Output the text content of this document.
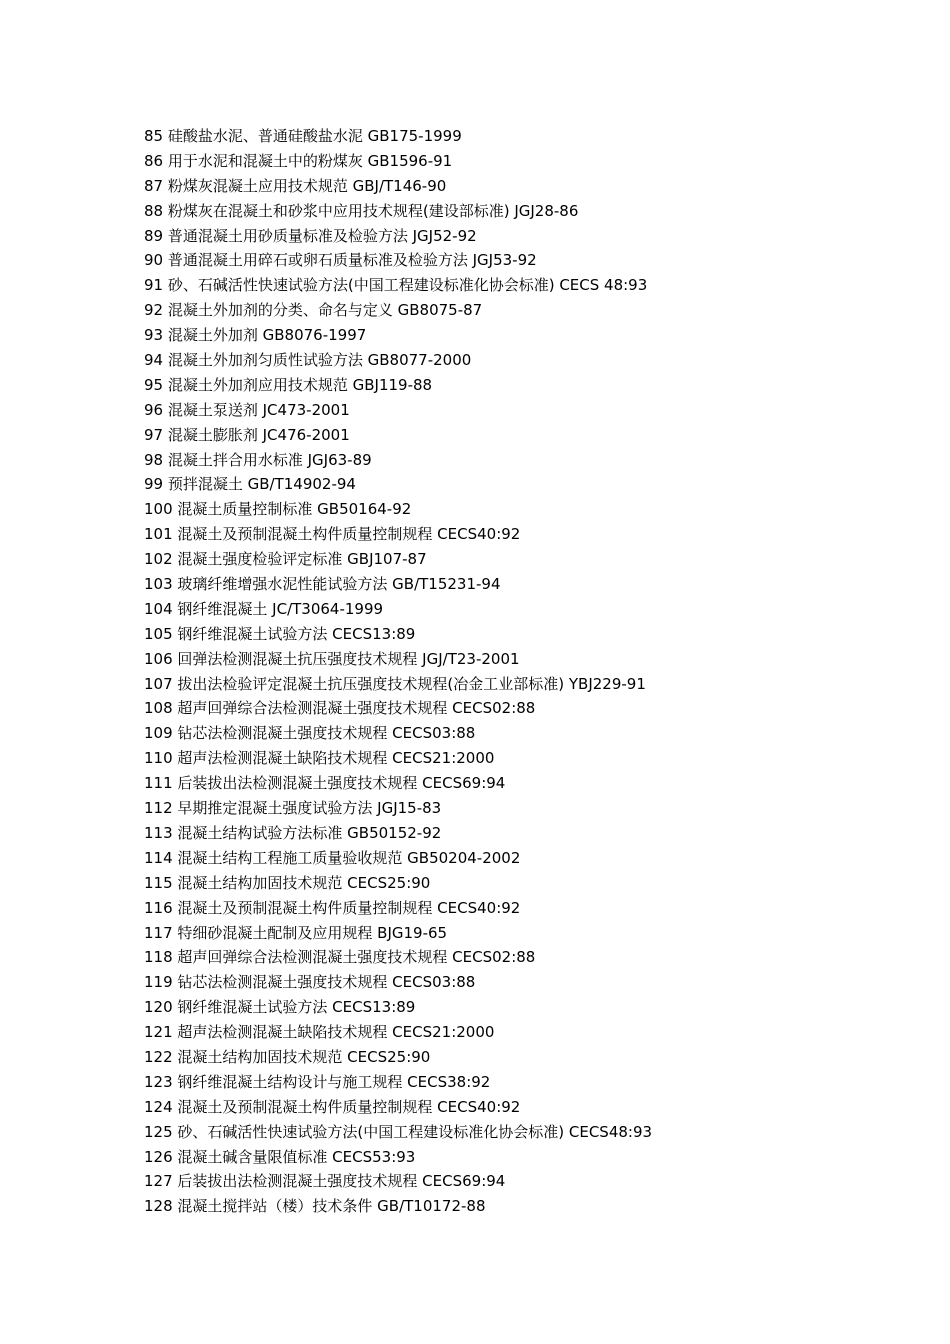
85 硅酸盐水泥、普通硅酸盐水泥 GB175-1999
86 用于水泥和混凝土中的粉煤灰 GB1596-91
87 粉煤灰混凝土应用技术规范 GBJ/T146-90
88 粉煤灰在混凝土和砂浆中应用技术规程(建设部标准) JGJ28-86
89 普通混凝土用砂质量标准及检验方法 JGJ52-92
90 普通混凝土用碎石或卵石质量标准及检验方法 JGJ53-92
91 砂、石碱活性快速试验方法(中国工程建设标准化协会标准) CECS 48:93
92 混凝土外加剂的分类、命名与定义 GB8075-87
93 混凝土外加剂 GB8076-1997
94 混凝土外加剂匀质性试验方法 GB8077-2000
95 混凝土外加剂应用技术规范 GBJ119-88
96 混凝土泵送剂 JC473-2001
97 混凝土膨胀剂 JC476-2001
98 混凝土拌合用水标准 JGJ63-89
99 预拌混凝土 GB/T14902-94
100 混凝土质量控制标准 GB50164-92
101 混凝土及预制混凝土构件质量控制规程 CECS40:92
102 混凝土强度检验评定标准 GBJ107-87
103 玻璃纤维增强水泥性能试验方法 GB/T15231-94
104 钢纤维混凝土 JC/T3064-1999
105 钢纤维混凝土试验方法 CECS13:89
106 回弹法检测混凝土抗压强度技术规程 JGJ/T23-2001
107 拔出法检验评定混凝土抗压强度技术规程(冶金工业部标准) YBJ229-91
108 超声回弹综合法检测混凝土强度技术规程 CECS02:88
109 钻芯法检测混凝土强度技术规程 CECS03:88
110 超声法检测混凝土缺陷技术规程 CECS21:2000
111 后装拔出法检测混凝土强度技术规程 CECS69:94
112 早期推定混凝土强度试验方法 JGJ15-83
113 混凝土结构试验方法标准 GB50152-92
114 混凝土结构工程施工质量验收规范 GB50204-2002
115 混凝土结构加固技术规范 CECS25:90
116 混凝土及预制混凝土构件质量控制规程 CECS40:92
117 特细砂混凝土配制及应用规程 BJG19-65
118 超声回弹综合法检测混凝土强度技术规程 CECS02:88
119 钻芯法检测混凝土强度技术规程 CECS03:88
120 钢纤维混凝土试验方法 CECS13:89
121 超声法检测混凝土缺陷技术规程 CECS21:2000
122 混凝土结构加固技术规范 CECS25:90
123 钢纤维混凝土结构设计与施工规程 CECS38:92
124 混凝土及预制混凝土构件质量控制规程 CECS40:92
125 砂、石碱活性快速试验方法(中国工程建设标准化协会标准) CECS48:93
126 混凝土碱含量限值标准 CECS53:93
127 后装拔出法检测混凝土强度技术规程 CECS69:94
128 混凝土搅拌站（楼）技术条件 GB/T10172-88
